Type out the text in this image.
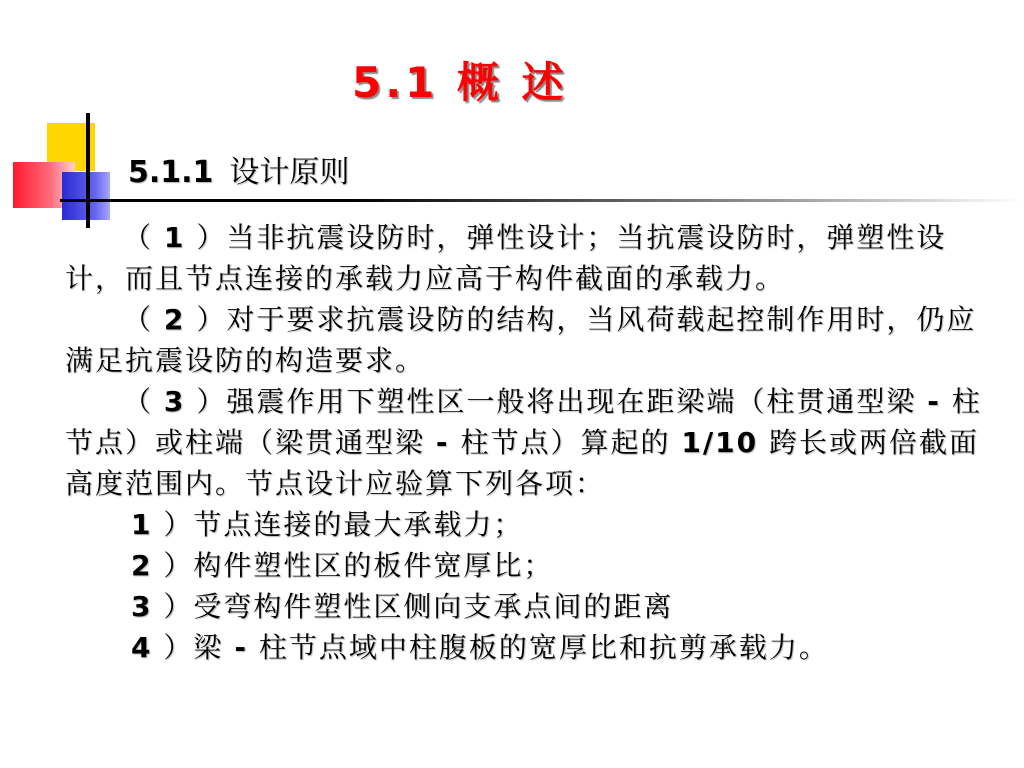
5.1 概 述
5.1.1 设计原则

（ 1 ）当非抗震设防时，弹性设计；当抗震设防时，弹塑性设计，而且节点连接的承载力应高于构件截面的承载力。

（ 2 ）对于要求抗震设防的结构，当风荷载起控制作用时，仍应满足抗震设防的构造要求。

（ 3 ）强震作用下塑性区一般将出现在距梁端（柱贯通型梁 - 柱节点）或柱端（梁贯通型梁 - 柱节点）算起的 1/10 跨长或两倍截面高度范围内。节点设计应验算下列各项：

1 ）节点连接的最大承载力；

2 ）构件塑性区的板件宽厚比；

3 ）受弯构件塑性区侧向支承点间的距离

4 ）梁 - 柱节点域中柱腹板的宽厚比和抗剪承载力。
